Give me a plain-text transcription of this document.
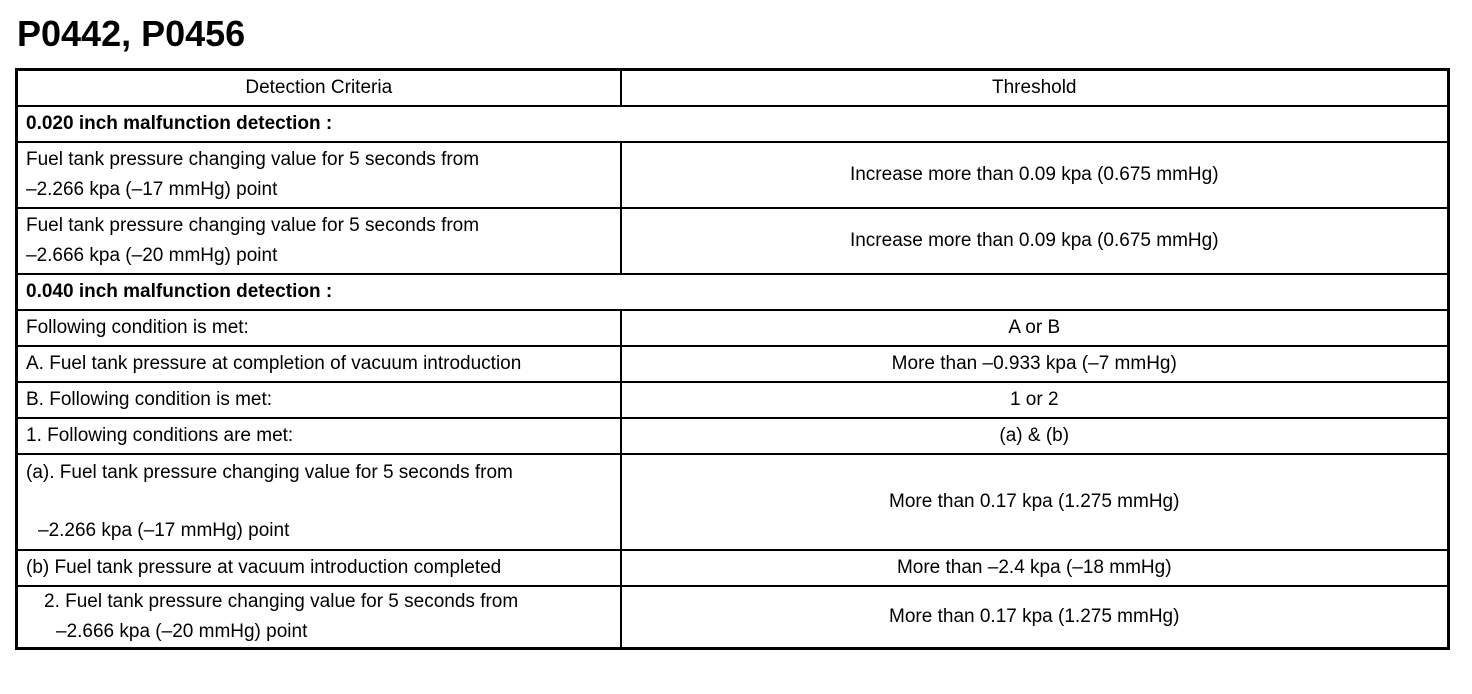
P0442, P0456
Detection Criteria	Threshold
0.020 inch malfunction detection :	

Fuel tank pressure changing value for 5 seconds from
–2.266 kpa (–17 mmHg) point	Increase more than 0.09 kpa (0.675 mmHg)

Fuel tank pressure changing value for 5 seconds from
–2.666 kpa (–20 mmHg) point	Increase more than 0.09 kpa (0.675 mmHg)
0.040 inch malfunction detection :	
Following condition is met:	A or B
A. Fuel tank pressure at completion of vacuum introduction	More than –0.933 kpa (–7 mmHg)
B. Following condition is met:	1 or 2
1. Following conditions are met:	(a) & (b)

(a). Fuel tank pressure changing value for 5 seconds from
–2.266 kpa (–17 mmHg) point	More than 0.17 kpa (1.275 mmHg)
(b) Fuel tank pressure at vacuum introduction completed	More than –2.4 kpa (–18 mmHg)

2. Fuel tank pressure changing value for 5 seconds from
–2.666 kpa (–20 mmHg) point	More than 0.17 kpa (1.275 mmHg)
